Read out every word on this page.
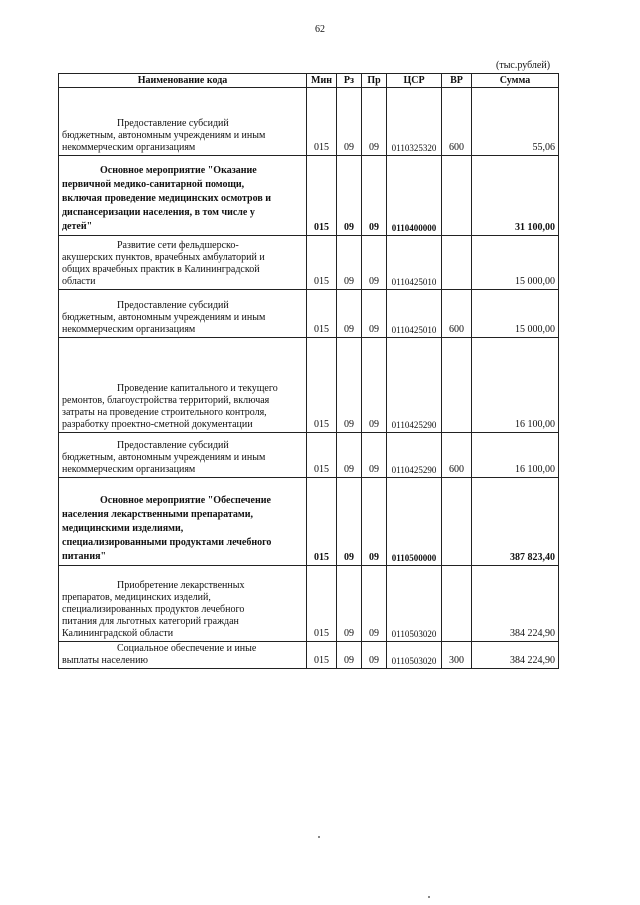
62
(тыс.рублей)
Наименование кода	Мин	Рз	Пр	ЦСР	ВР	Сумма

Предоставление субсидий
бюджетным, автономным учреждениям и иным
некоммерческим организациям	015	09	09	0110325320	600	55,06

Основное мероприятие "Оказание
первичной медико-санитарной помощи,
включая проведение медицинских осмотров и
диспансеризации населения, в том числе у
детей"	015	09	09	0110400000		31 100,00

Развитие сети фельдшерско-
акушерских пунктов, врачебных амбулаторий и
общих врачебных практик в Калининградской
области	015	09	09	0110425010		15 000,00

Предоставление субсидий
бюджетным, автономным учреждениям и иным
некоммерческим организациям	015	09	09	0110425010	600	15 000,00

Проведение капитального и текущего
ремонтов, благоустройства территорий, включая
затраты на проведение строительного контроля,
разработку проектно-сметной документации	015	09	09	0110425290		16 100,00

Предоставление субсидий
бюджетным, автономным учреждениям и иным
некоммерческим организациям	015	09	09	0110425290	600	16 100,00

Основное мероприятие "Обеспечение
населения лекарственными препаратами,
медицинскими изделиями,
специализированными продуктами лечебного
питания"	015	09	09	0110500000		387 823,40

Приобретение лекарственных
препаратов, медицинских изделий,
специализированных продуктов лечебного
питания для льготных категорий граждан
Калининградской области	015	09	09	0110503020		384 224,90

Социальное обеспечение и иные
выплаты населению	015	09	09	0110503020	300	384 224,90
